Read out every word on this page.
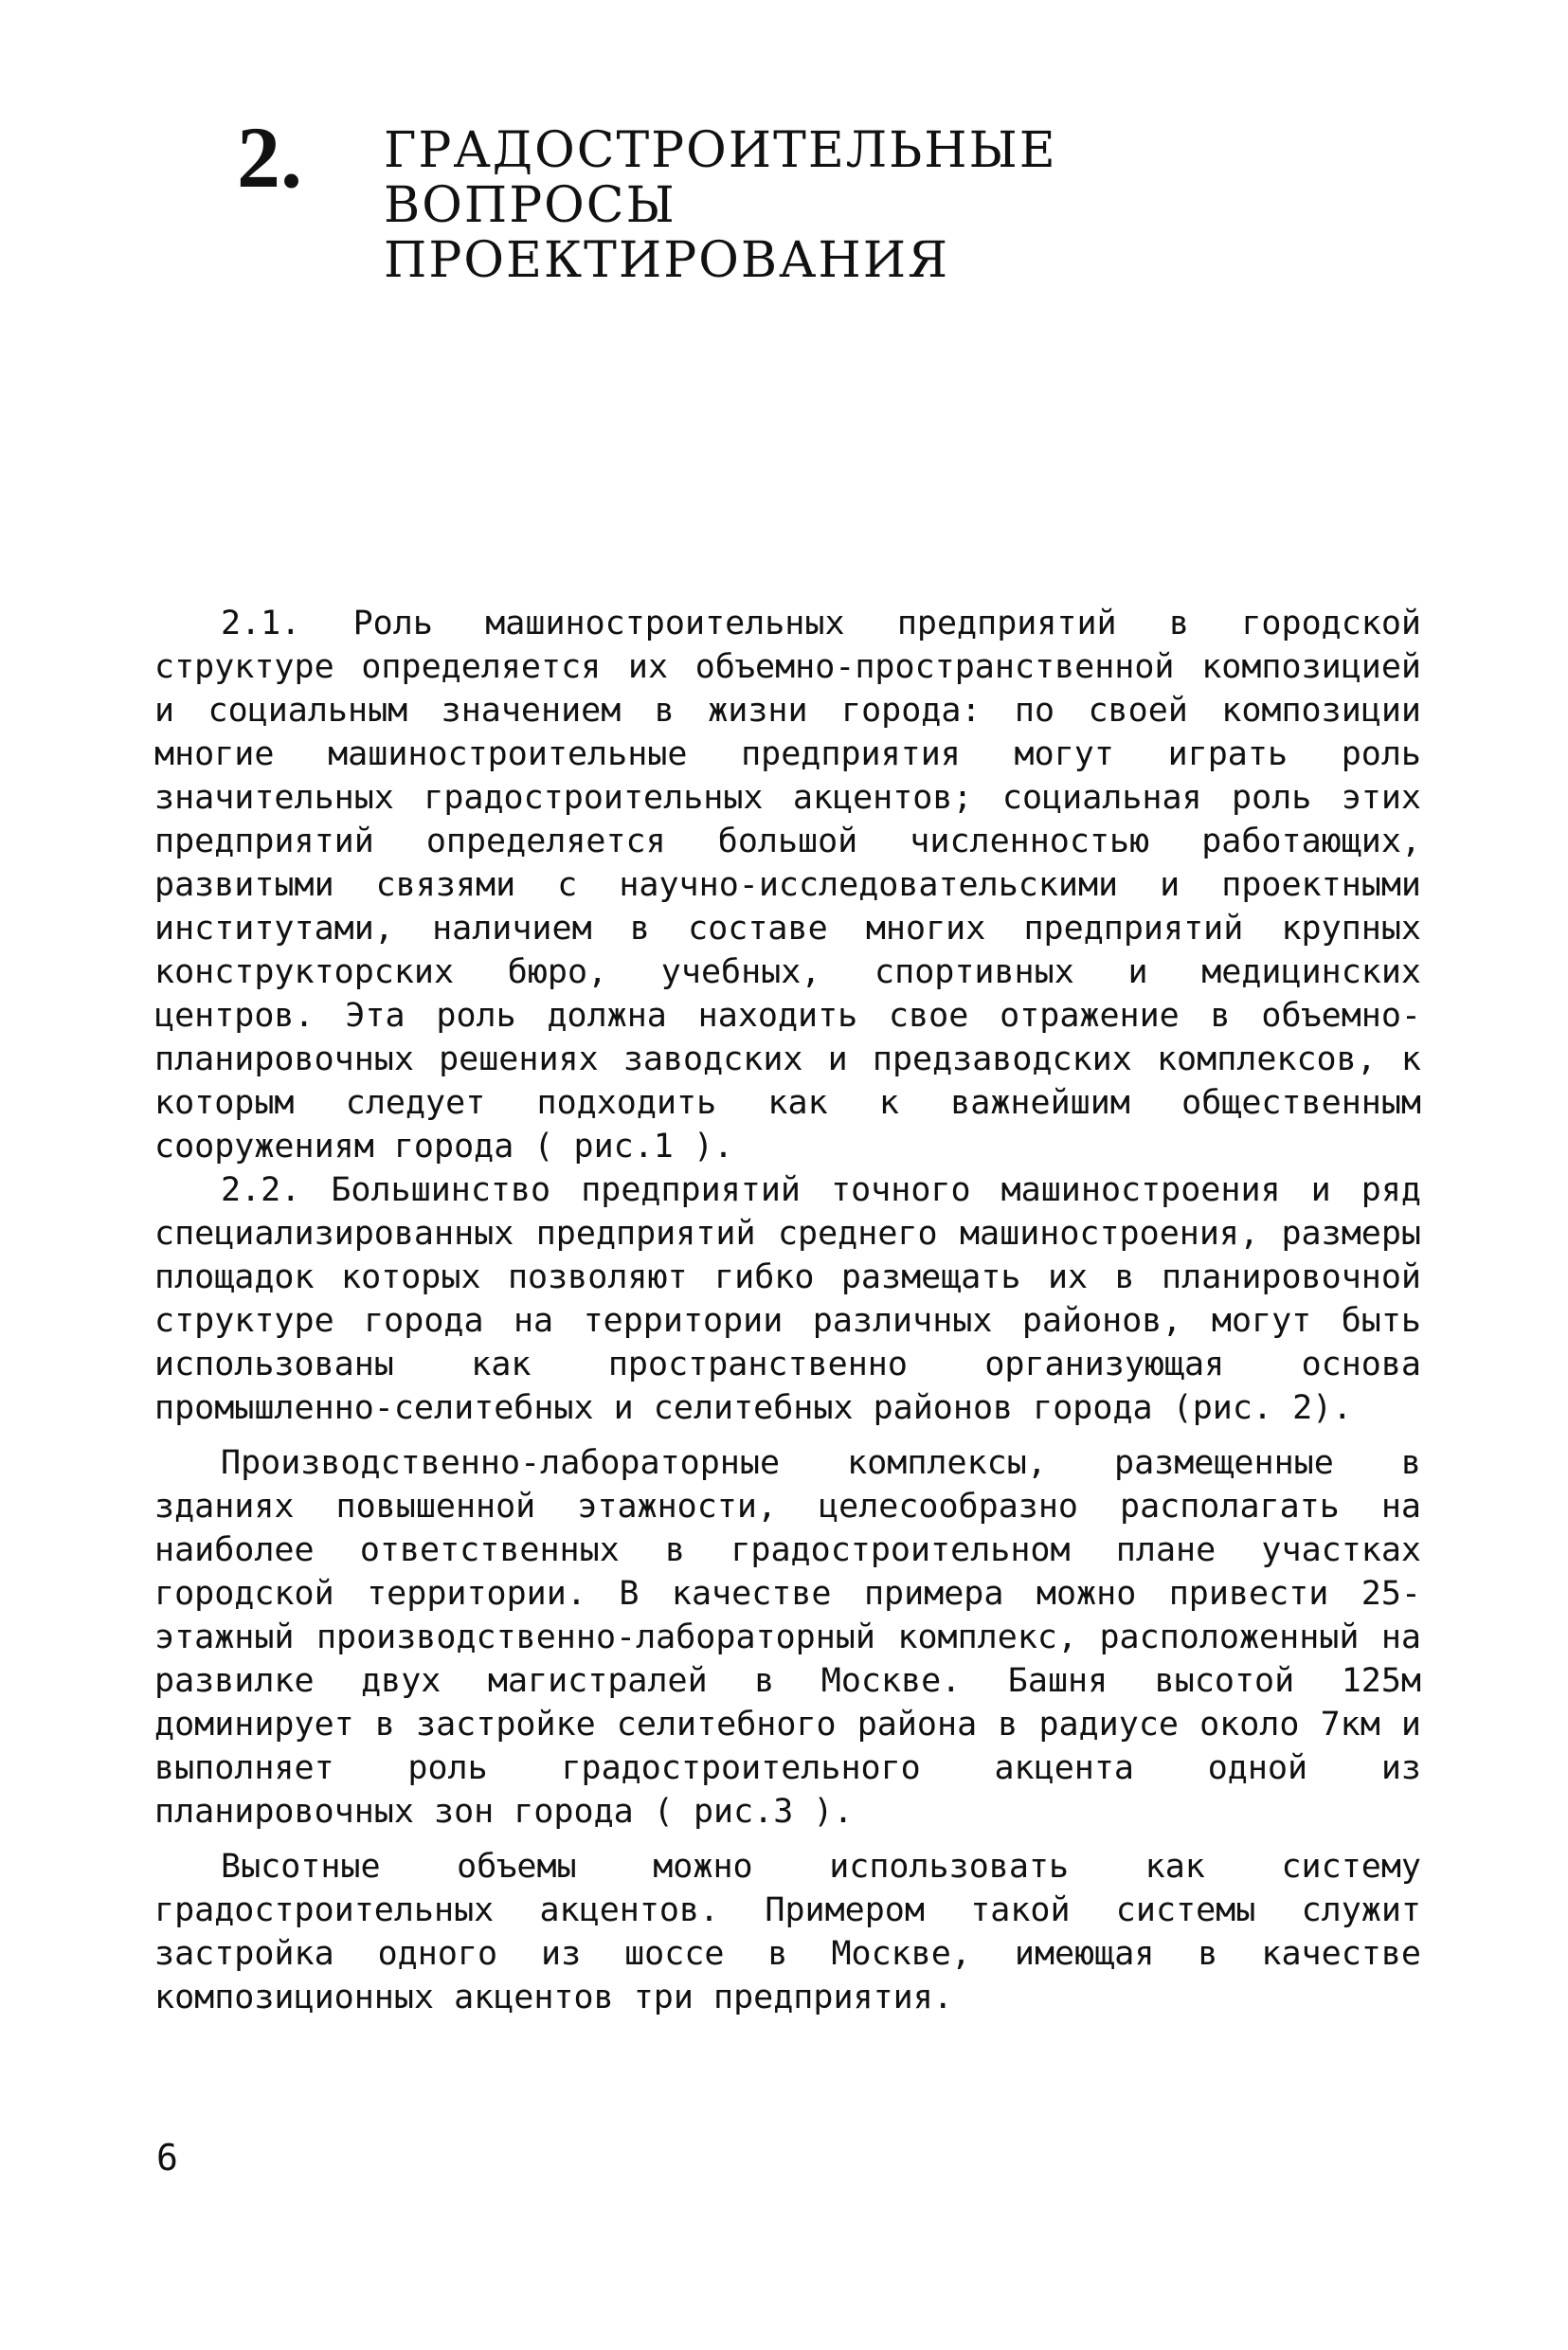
2. ГРАДОСТРОИТЕЛЬНЫЕ
ВОПРОСЫ
ПРОЕКТИРОВАНИЯ

2.1. Роль машиностроительных предприятий в городской структуре определяется их объемно-пространственной композицией и социальным значением в жизни города: по своей композиции многие машиностроительные предприятия могут играть роль значительных градостроительных акцентов; социальная роль этих предприятий определяется большой численностью работающих, развитыми связями с научно-исследовательскими и проектными институтами, наличием в составе многих предприятий крупных конструкторских бюро, учебных, спортивных и медицинских центров. Эта роль должна находить свое отражение в объемно-планировочных решениях заводских и предзаводских комплексов, к которым следует подходить как к важнейшим общественным сооружениям города ( рис.1 ).

2.2. Большинство предприятий точного машиностроения и ряд специализированных предприятий среднего машиностроения, размеры площадок которых позволяют гибко размещать их в планировочной структуре города на территории различных районов, могут быть использованы как пространственно организующая основа промышленно-селитебных и селитебных районов города (рис. 2).

Производственно-лабораторные комплексы, размещенные в зданиях повышенной этажности, целесообразно располагать на наиболее ответственных в градостроительном плане участках городской территории. В качестве примера можно привести 25-этажный производственно-лабораторный комплекс, расположенный на развилке двух магистралей в Москве. Башня высотой 125м доминирует в застройке селитебного района в радиусе около 7км и выполняет роль градостроительного акцента одной из планировочных зон города ( рис.3 ).

Высотные объемы можно использовать как систему градостроительных акцентов. Примером такой системы служит застройка одного из шоссе в Москве, имеющая в качестве композиционных акцентов три предприятия.

6
